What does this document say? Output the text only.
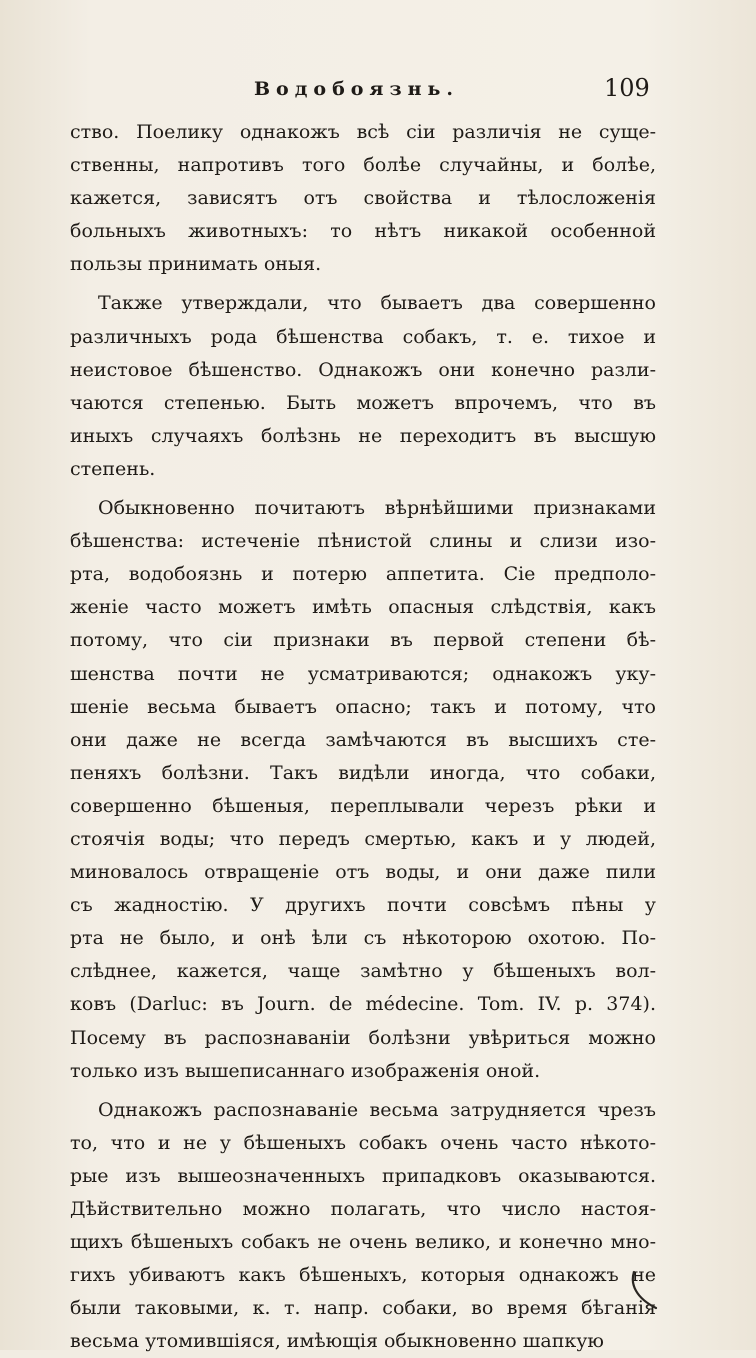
Водобоязнь.	109
ство. Поелику однакожъ всѣ сіи различія не суще-
ственны, напротивъ того болѣе случайны, и болѣе,
кажется, зависятъ отъ свойства и тѣлосложенія
больныхъ животныхъ: то нѣтъ никакой особенной
пользы принимать оныя.
Также утверждали, что бываетъ два совершенно
различныхъ рода бѣшенства собакъ, т. е. тихое и
неистовое бѣшенство. Однакожъ они конечно разли-
чаются степенью. Быть можетъ впрочемъ, что въ
иныхъ случаяхъ болѣзнь не переходитъ въ высшую
степень.
Обыкновенно почитаютъ вѣрнѣйшими признаками
бѣшенства: истеченіе пѣнистой слины и слизи изо-
рта, водобоязнь и потерю аппетита. Сіе предполо-
женіе часто можетъ имѣть опасныя слѣдствія, какъ
потому, что сіи признаки въ первой степени бѣ-
шенства почти не усматриваются; однакожъ уку-
шеніе весьма бываетъ опасно; такъ и потому, что
они даже не всегда замѣчаются въ высшихъ сте-
пеняхъ болѣзни. Такъ видѣли иногда, что собаки,
совершенно бѣшеныя, переплывали черезъ рѣки и
стоячія воды; что передъ смертью, какъ и у людей,
миновалось отвращеніе отъ воды, и они даже пили
съ жадностію. У другихъ почти совсѣмъ пѣны у
рта не было, и онѣ ѣли съ нѣкоторою охотою. По-
слѣднее, кажется, чаще замѣтно у бѣшеныхъ вол-
ковъ (Darluc: въ Journ. de médecine. Tom. IV. p. 374).
Посему въ распознаваніи болѣзни увѣриться можно
только изъ вышеписаннаго изображенія оной.
Однакожъ распознаваніе весьма затрудняется чрезъ
то, что и не у бѣшеныхъ собакъ очень часто нѣкото-
рые изъ вышеозначенныхъ припадковъ оказываются.
Дѣйствительно можно полагать, что число настоя-
щихъ бѣшеныхъ собакъ не очень велико, и конечно мно-
гихъ убиваютъ какъ бѣшеныхъ, которыя однакожъ не
были таковыми, к. т. напр. собаки, во время бѣганія
весьма утомившіяся, имѣющія обыкновенно шапкую
